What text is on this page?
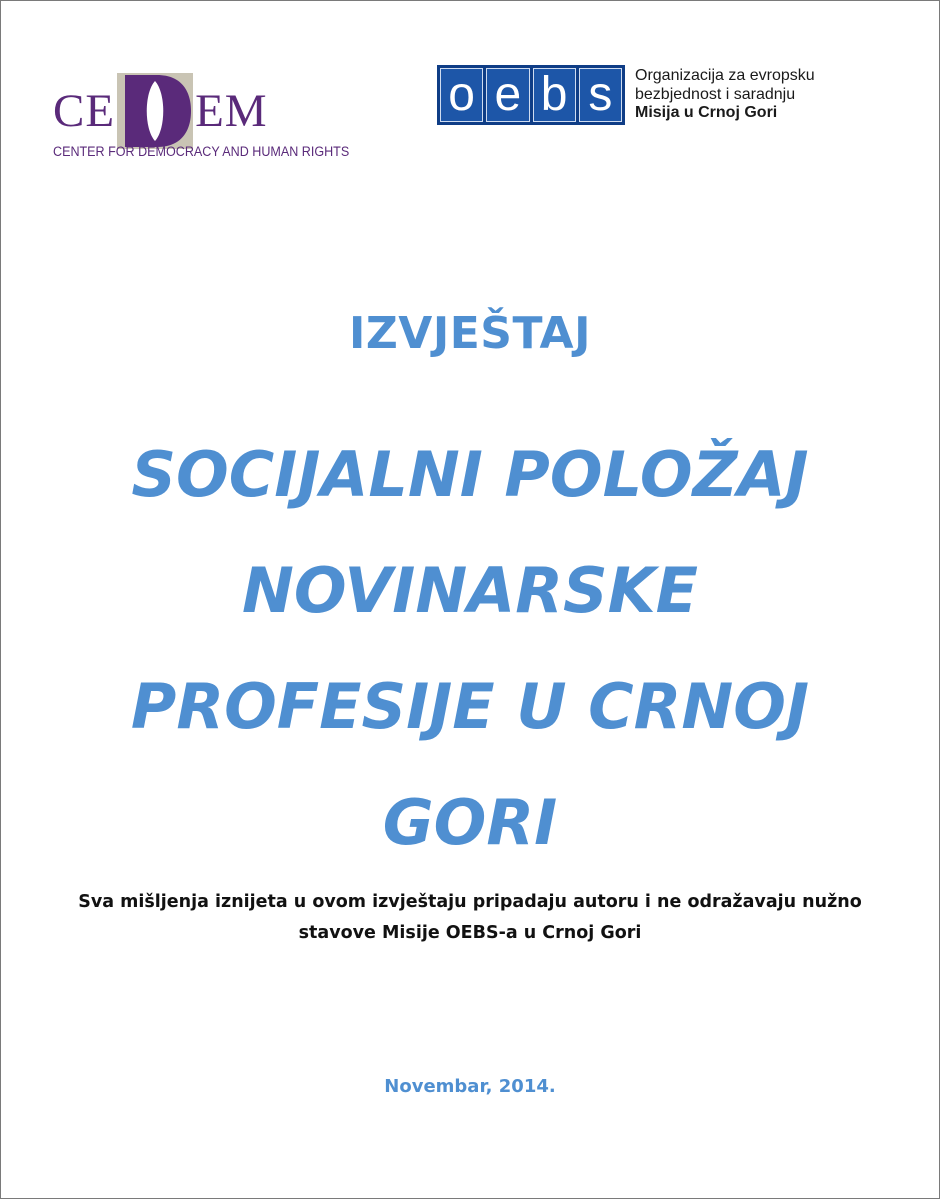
CE EM
CENTER FOR DEMOCRACY AND HUMAN RIGHTS
o e b s	Organizacija za evropsku
bezbjednost i saradnju
Misija u Crnoj Gori
IZVJEŠTAJ
SOCIJALNI POLOŽAJ
NOVINARSKE
PROFESIJE U CRNOJ
GORI
Sva mišljenja iznijeta u ovom izvještaju pripadaju autoru i ne odražavaju nužno
stavove Misije OEBS-a u Crnoj Gori
Novembar, 2014.
